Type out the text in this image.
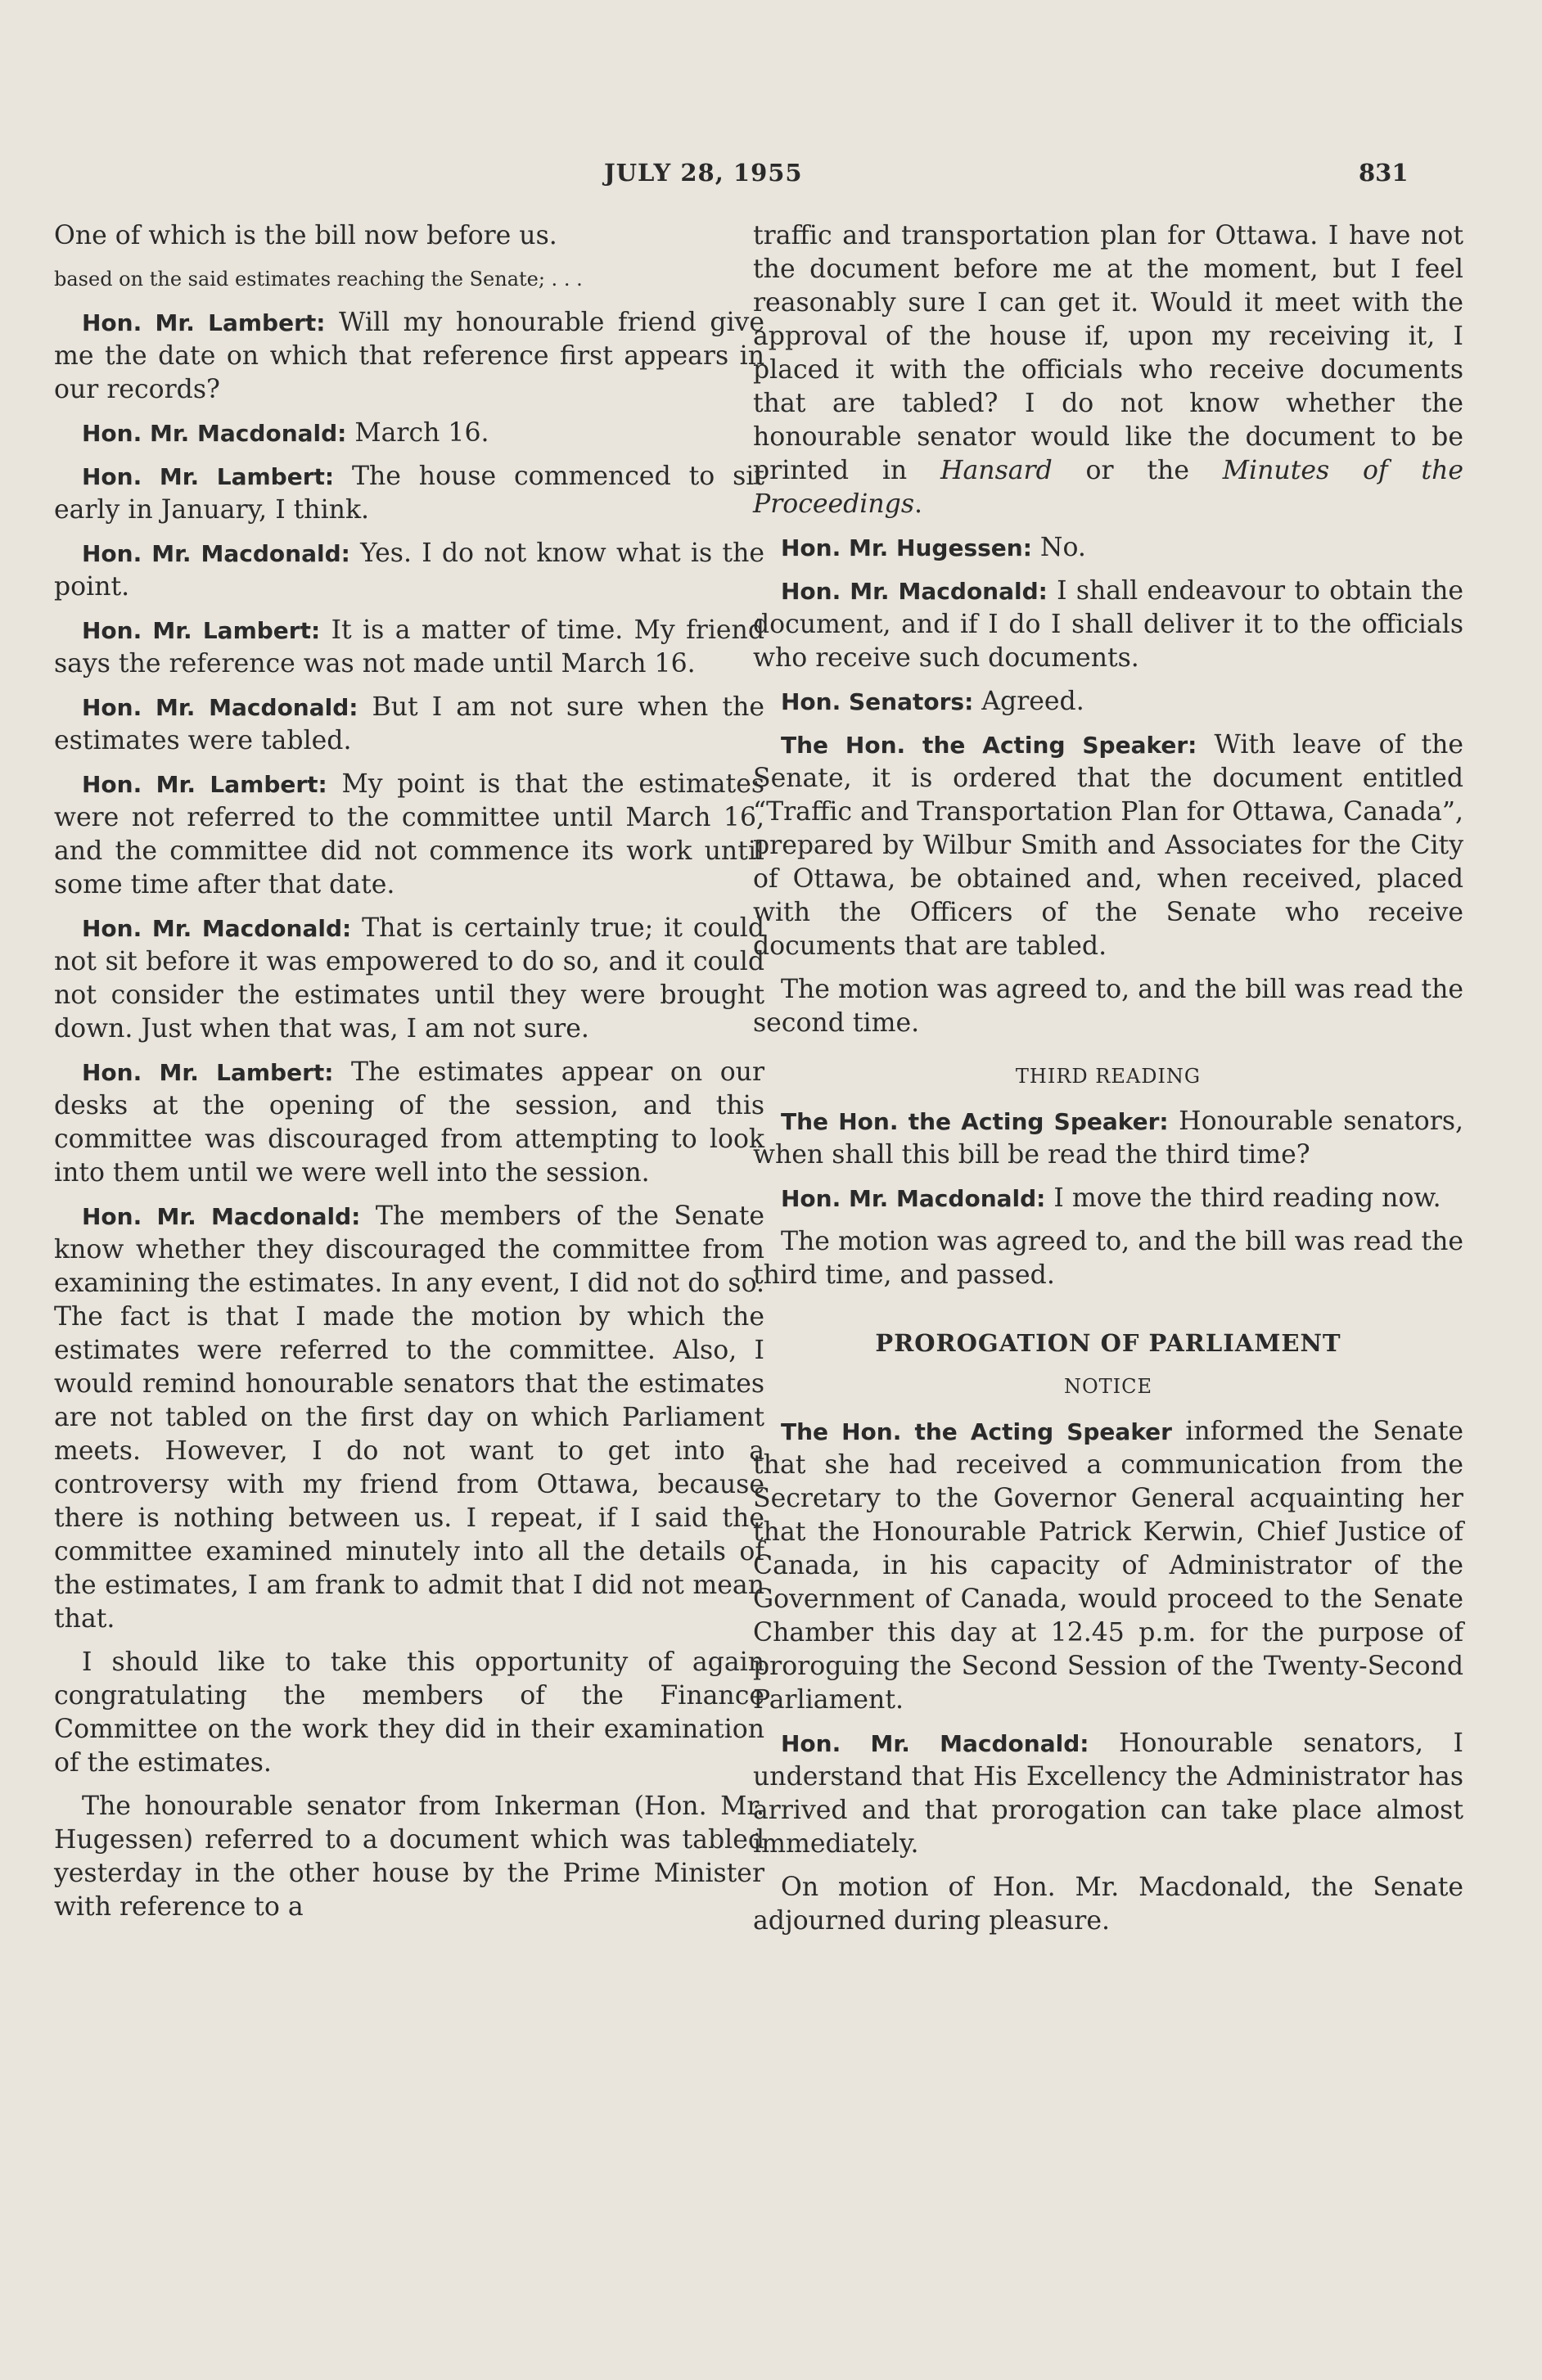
JULY 28, 1955	831

One of which is the bill now before us.

based on the said estimates reaching the Senate; . . .

Hon. Mr. Lambert: Will my honourable friend give me the date on which that reference first appears in our records?

Hon. Mr. Macdonald: March 16.

Hon. Mr. Lambert: The house commenced to sit early in January, I think.

Hon. Mr. Macdonald: Yes. I do not know what is the point.

Hon. Mr. Lambert: It is a matter of time. My friend says the reference was not made until March 16.

Hon. Mr. Macdonald: But I am not sure when the estimates were tabled.

Hon. Mr. Lambert: My point is that the estimates were not referred to the committee until March 16, and the committee did not commence its work until some time after that date.

Hon. Mr. Macdonald: That is certainly true; it could not sit before it was empowered to do so, and it could not consider the estimates until they were brought down. Just when that was, I am not sure.

Hon. Mr. Lambert: The estimates appear on our desks at the opening of the session, and this committee was discouraged from attempting to look into them until we were well into the session.

Hon. Mr. Macdonald: The members of the Senate know whether they discouraged the committee from examining the estimates. In any event, I did not do so. The fact is that I made the motion by which the estimates were referred to the committee. Also, I would remind honourable senators that the estimates are not tabled on the first day on which Parliament meets. However, I do not want to get into a controversy with my friend from Ottawa, because there is nothing between us. I repeat, if I said the committee examined minutely into all the details of the estimates, I am frank to admit that I did not mean that.

I should like to take this opportunity of again congratulating the members of the Finance Committee on the work they did in their examination of the estimates.

The honourable senator from Inkerman (Hon. Mr. Hugessen) referred to a document which was tabled yesterday in the other house by the Prime Minister with reference to a

traffic and transportation plan for Ottawa. I have not the document before me at the moment, but I feel reasonably sure I can get it. Would it meet with the approval of the house if, upon my receiving it, I placed it with the officials who receive documents that are tabled? I do not know whether the honourable senator would like the document to be printed in Hansard or the Minutes of the Proceedings.

Hon. Mr. Hugessen: No.

Hon. Mr. Macdonald: I shall endeavour to obtain the document, and if I do I shall deliver it to the officials who receive such documents.

Hon. Senators: Agreed.

The Hon. the Acting Speaker: With leave of the Senate, it is ordered that the document entitled “Traffic and Transportation Plan for Ottawa, Canada”, prepared by Wilbur Smith and Associates for the City of Ottawa, be obtained and, when received, placed with the Officers of the Senate who receive documents that are tabled.

The motion was agreed to, and the bill was read the second time.

THIRD READING

The Hon. the Acting Speaker: Honourable senators, when shall this bill be read the third time?

Hon. Mr. Macdonald: I move the third reading now.

The motion was agreed to, and the bill was read the third time, and passed.

PROROGATION OF PARLIAMENT
NOTICE

The Hon. the Acting Speaker informed the Senate that she had received a communication from the Secretary to the Governor General acquainting her that the Honourable Patrick Kerwin, Chief Justice of Canada, in his capacity of Administrator of the Government of Canada, would proceed to the Senate Chamber this day at 12.45 p.m. for the purpose of proroguing the Second Session of the Twenty-Second Parliament.

Hon. Mr. Macdonald: Honourable senators, I understand that His Excellency the Administrator has arrived and that prorogation can take place almost immediately.

On motion of Hon. Mr. Macdonald, the Senate adjourned during pleasure.
